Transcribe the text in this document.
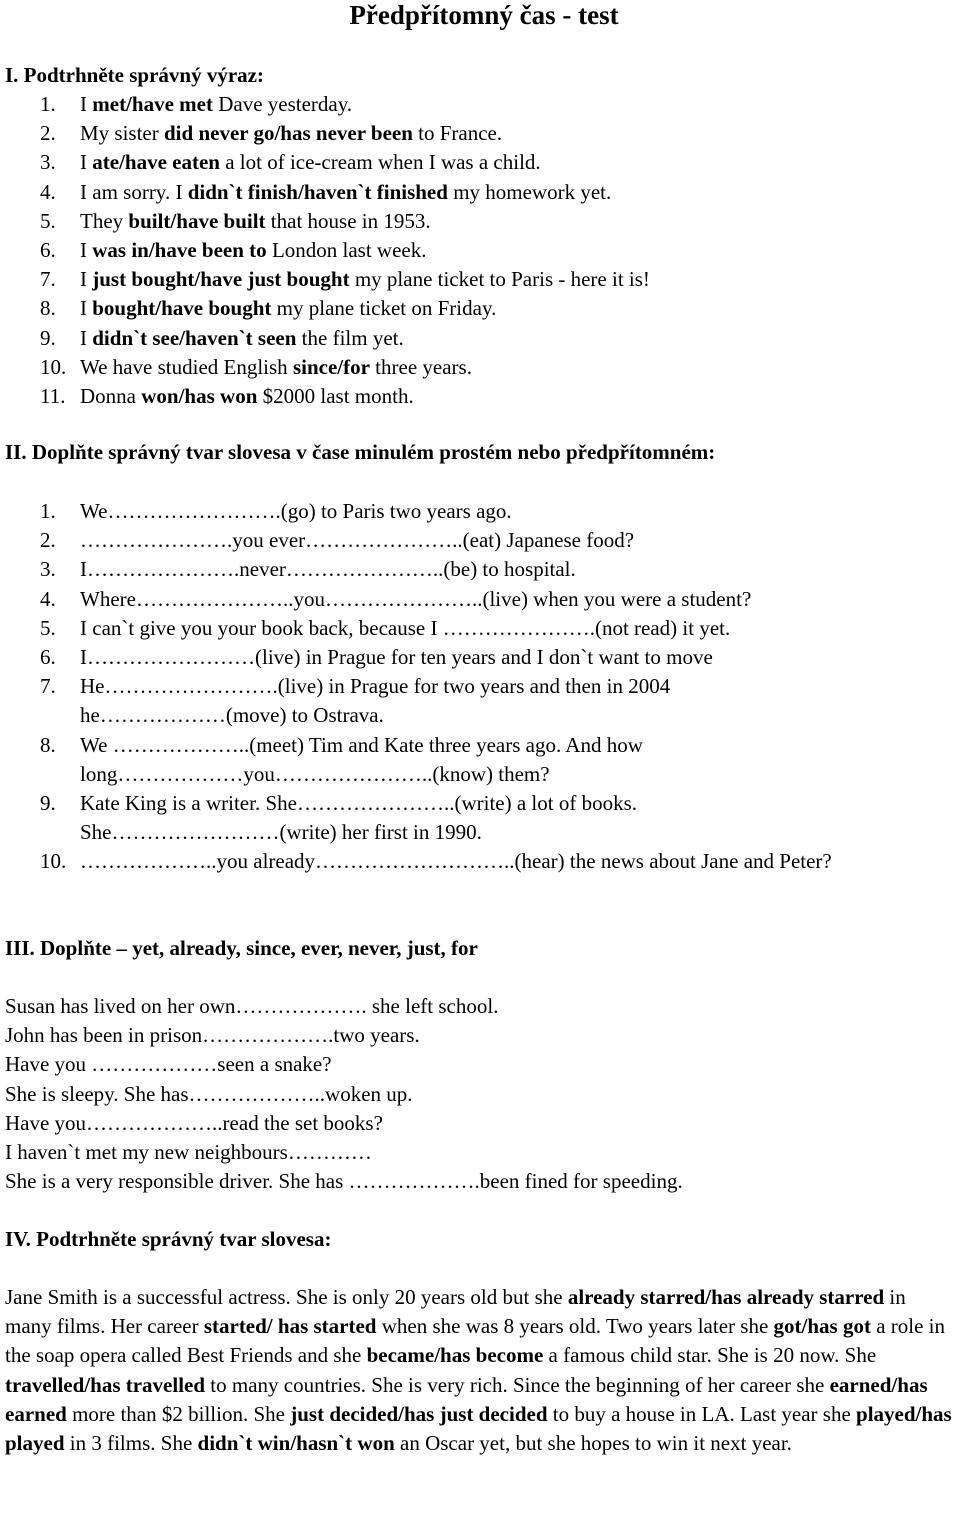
Předpřítomný čas - test
I. Podtrhněte správný výraz:
1. I met/have met Dave yesterday.
2. My sister did never go/has never been to France.
3. I ate/have eaten a lot of ice-cream when I was a child.
4. I am sorry. I didn`t finish/haven`t finished my homework yet.
5. They built/have built that house in 1953.
6. I was in/have been to London last week.
7. I just bought/have just bought my plane ticket to Paris - here it is!
8. I bought/have bought my plane ticket on Friday.
9. I didn`t see/haven`t seen the film yet.
10. We have studied English since/for three years.
11. Donna won/has won $2000 last month.
II. Doplňte správný tvar slovesa v čase minulém prostém nebo předpřítomném:
1. We…………………….(go) to Paris two years ago.
2. ………………….you ever…………………..(eat) Japanese food?
3. I………………….never…………………..(be) to hospital.
4. Where…………………..you…………………..(live) when you were a student?
5. I can`t give you your book back, because I ………………….(not read) it yet.
6. I……………………(live) in Prague for ten years and I don`t want to move
7. He…………………….(live) in Prague for two years and then in 2004
he………………(move) to Ostrava.
8. We ………………..(meet) Tim and Kate three years ago. And how
long………………you…………………..(know) them?
9. Kate King is a writer. She…………………..(write) a lot of books.
She……………………(write) her first in 1990.
10. ………………..you already………………………..(hear) the news about Jane and Peter?
III. Doplňte – yet, already, since, ever, never, just, for
Susan has lived on her own………………. she left school.
John has been in prison……………….two years.
Have you ………………seen a snake?
She is sleepy. She has………………..woken up.
Have you………………..read the set books?
I haven`t met my new neighbours…………
She is a very responsible driver. She has ……………….been fined for speeding.
IV. Podtrhněte správný tvar slovesa:

Jane Smith is a successful actress. She is only 20 years old but she already starred/has already starred in many films. Her career started/ has started when she was 8 years old. Two years later she got/has got a role in the soap opera called Best Friends and she became/has become a famous child star. She is 20 now. She travelled/has travelled to many countries. She is very rich. Since the beginning of her career she earned/has earned more than $2 billion. She just decided/has just decided to buy a house in LA. Last year she played/has played in 3 films. She didn`t win/hasn`t won an Oscar yet, but she hopes to win it next year.
